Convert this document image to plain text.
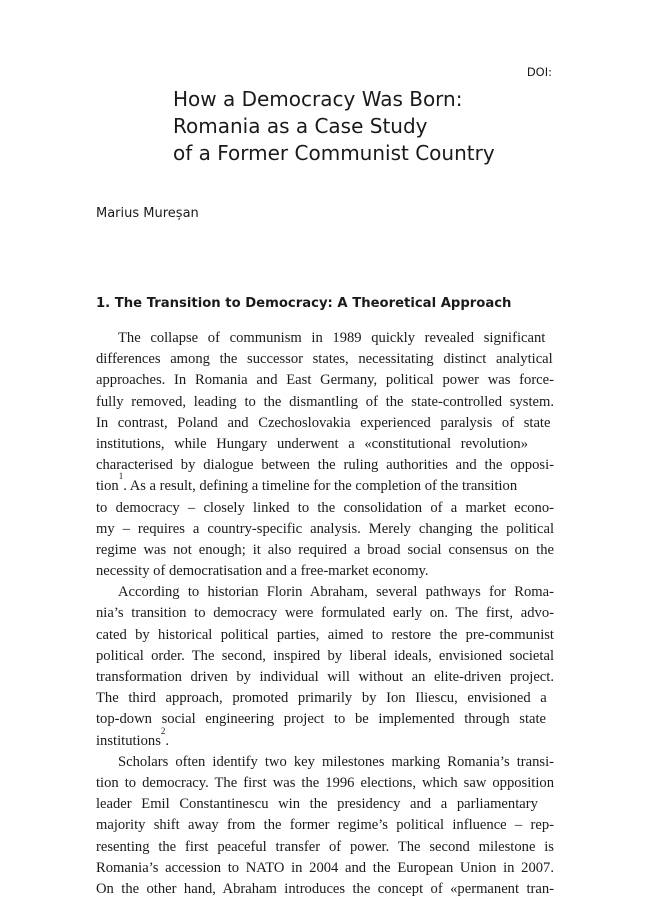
DOI:
How a Democracy Was Born:
Romania as a Case Study
of a Former Communist Country
Marius Mureșan
1. The Transition to Democracy: A Theoretical Approach
The collapse of communism in 1989 quickly revealed significant
differences among the successor states, necessitating distinct analytical
approaches. In Romania and East Germany, political power was force-
fully removed, leading to the dismantling of the state-controlled system.
In contrast, Poland and Czechoslovakia experienced paralysis of state
institutions, while Hungary underwent a «constitutional revolution»
characterised by dialogue between the ruling authorities and the opposi-
tion
1
. As a result, defining a timeline for the completion of the transition
to democracy – closely linked to the consolidation of a market econo-
my – requires a country-specific analysis. Merely changing the political
regime was not enough; it also required a broad social consensus on the
necessity of democratisation and a free-market economy.
According to historian Florin Abraham, several pathways for Roma-
nia’s transition to democracy were formulated early on. The first, advo-
cated by historical political parties, aimed to restore the pre-communist
political order. The second, inspired by liberal ideals, envisioned societal
transformation driven by individual will without an elite-driven project.
The third approach, promoted primarily by Ion Iliescu, envisioned a
top-down social engineering project to be implemented through state
institutions
2
.
Scholars often identify two key milestones marking Romania’s transi-
tion to democracy. The first was the 1996 elections, which saw opposition
leader Emil Constantinescu win the presidency and a parliamentary
majority shift away from the former regime’s political influence – rep-
resenting the first peaceful transfer of power. The second milestone is
Romania’s accession to NATO in 2004 and the European Union in 2007.
On the other hand, Abraham introduces the concept of «permanent tran-
